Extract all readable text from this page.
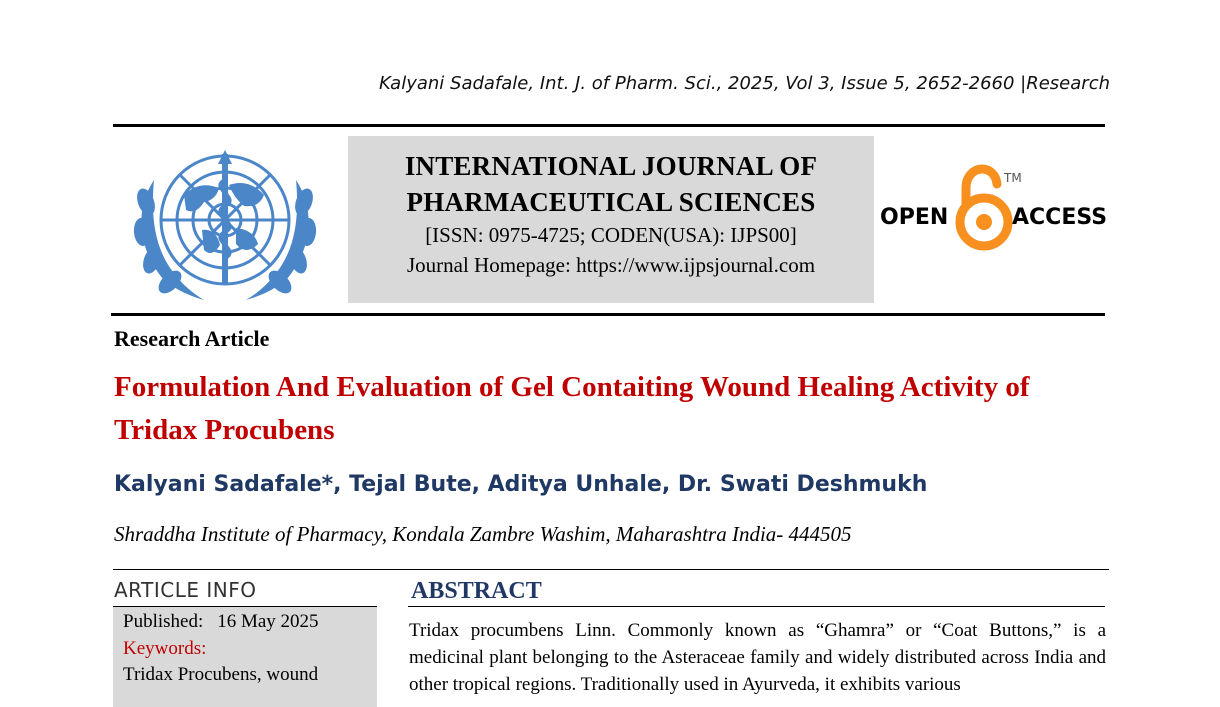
Kalyani Sadafale, Int. J. of Pharm. Sci., 2025, Vol 3, Issue 5, 2652-2660 |Research
INTERNATIONAL JOURNAL OF
PHARMACEUTICAL SCIENCES
[ISSN: 0975-4725; CODEN(USA): IJPS00]
Journal Homepage: https://www.ijpsjournal.com
OPEN	ACCESS
TM
Research Article
Formulation And Evaluation of Gel Contaiting Wound Healing Activity of Tridax Procubens
Kalyani Sadafale*, Tejal Bute, Aditya Unhale, Dr. Swati Deshmukh
Shraddha Institute of Pharmacy, Kondala Zambre Washim, Maharashtra India- 444505
ARTICLE INFO
Published: 16 May 2025
Keywords:
Tridax Procubens, wound
ABSTRACT
Tridax procumbens Linn. Commonly known as “Ghamra” or “Coat Buttons,” is a medicinal plant belonging to the Asteraceae family and widely distributed across India and other tropical regions. Traditionally used in Ayurveda, it exhibits various
